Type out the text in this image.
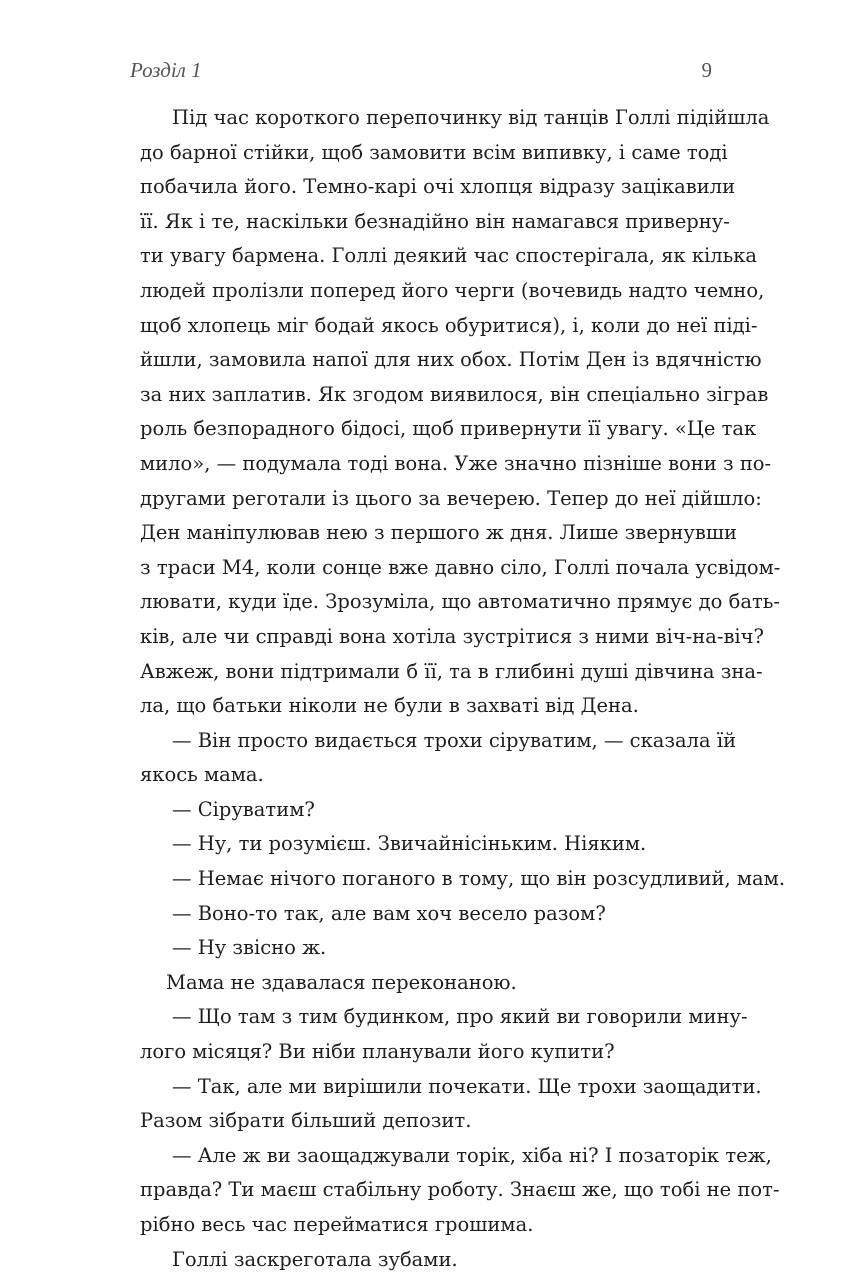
Розділ 1	9
Під час короткого перепочинку від танців Голлі підійшла
до барної стійки, щоб замовити всім випивку, і саме тоді
побачила його. Темно-карі очі хлопця відразу зацікавили
її. Як і те, наскільки безнадійно він намагався приверну-
ти увагу бармена. Голлі деякий час спостерігала, як кілька
людей пролізли поперед його черги (вочевидь надто чемно,
щоб хлопець міг бодай якось обуритися), і, коли до неї піді-
йшли, замовила напої для них обох. Потім Ден із вдячністю
за них заплатив. Як згодом виявилося, він спеціально зіграв
роль безпорадного бідосі, щоб привернути її увагу. «Це так
мило», — подумала тоді вона. Уже значно пізніше вони з по-
другами реготали із цього за вечерею. Тепер до неї дійшло:
Ден маніпулював нею з першого ж дня. Лише звернувши
з траси М4, коли сонце вже давно сіло, Голлі почала усвідом-
лювати, куди їде. Зрозуміла, що автоматично прямує до бать-
ків, але чи справді вона хотіла зустрітися з ними віч-на-віч?
Авжеж, вони підтримали б її, та в глибині душі дівчина зна-
ла, що батьки ніколи не були в захваті від Дена.
— Він просто видається трохи сіруватим, — сказала їй
якось мама.
— Сіруватим?
— Ну, ти розумієш. Звичайнісіньким. Ніяким.
— Немає нічого поганого в тому, що він розсудливий, мам.
— Воно-то так, але вам хоч весело разом?
— Ну звісно ж.
Мама не здавалася переконаною.
— Що там з тим будинком, про який ви говорили мину-
лого місяця? Ви ніби планували його купити?
— Так, але ми вирішили почекати. Ще трохи заощадити.
Разом зібрати більший депозит.
— Але ж ви заощаджували торік, хіба ні? І позаторік теж,
правда? Ти маєш стабільну роботу. Знаєш же, що тобі не пот-
рібно весь час перейматися грошима.
Голлі заскреготала зубами.
